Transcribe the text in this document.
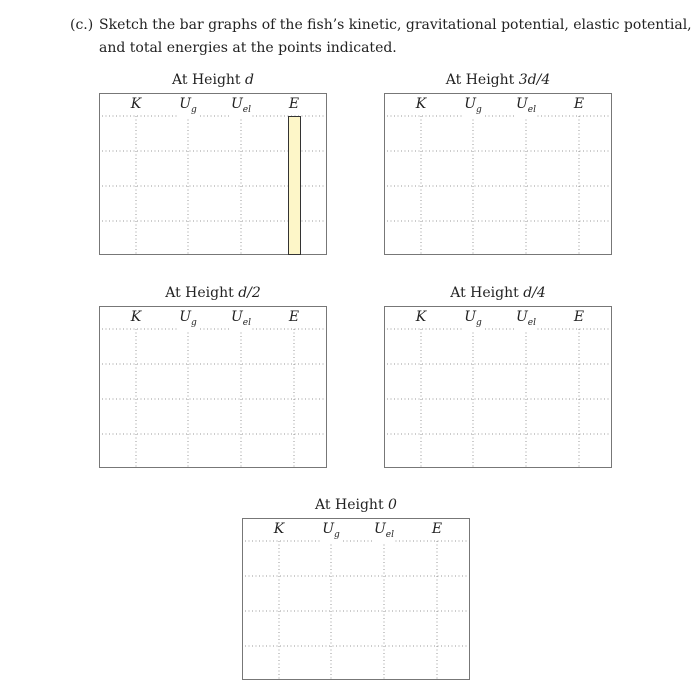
(c.) Sketch the bar graphs of the fish’s kinetic, gravitational potential, elastic potential,
and total energies at the points indicated.
At Height d
K	$U_g$ $U_{el}$	E
At Height 3d/4
K	$U_g$ $U_{el}$	E
At Height d/2
K	$U_g$ $U_{el}$	E
At Height d/4
K	$U_g$ $U_{el}$	E
At Height 0
K	$U_g$ $U_{el}$	E
